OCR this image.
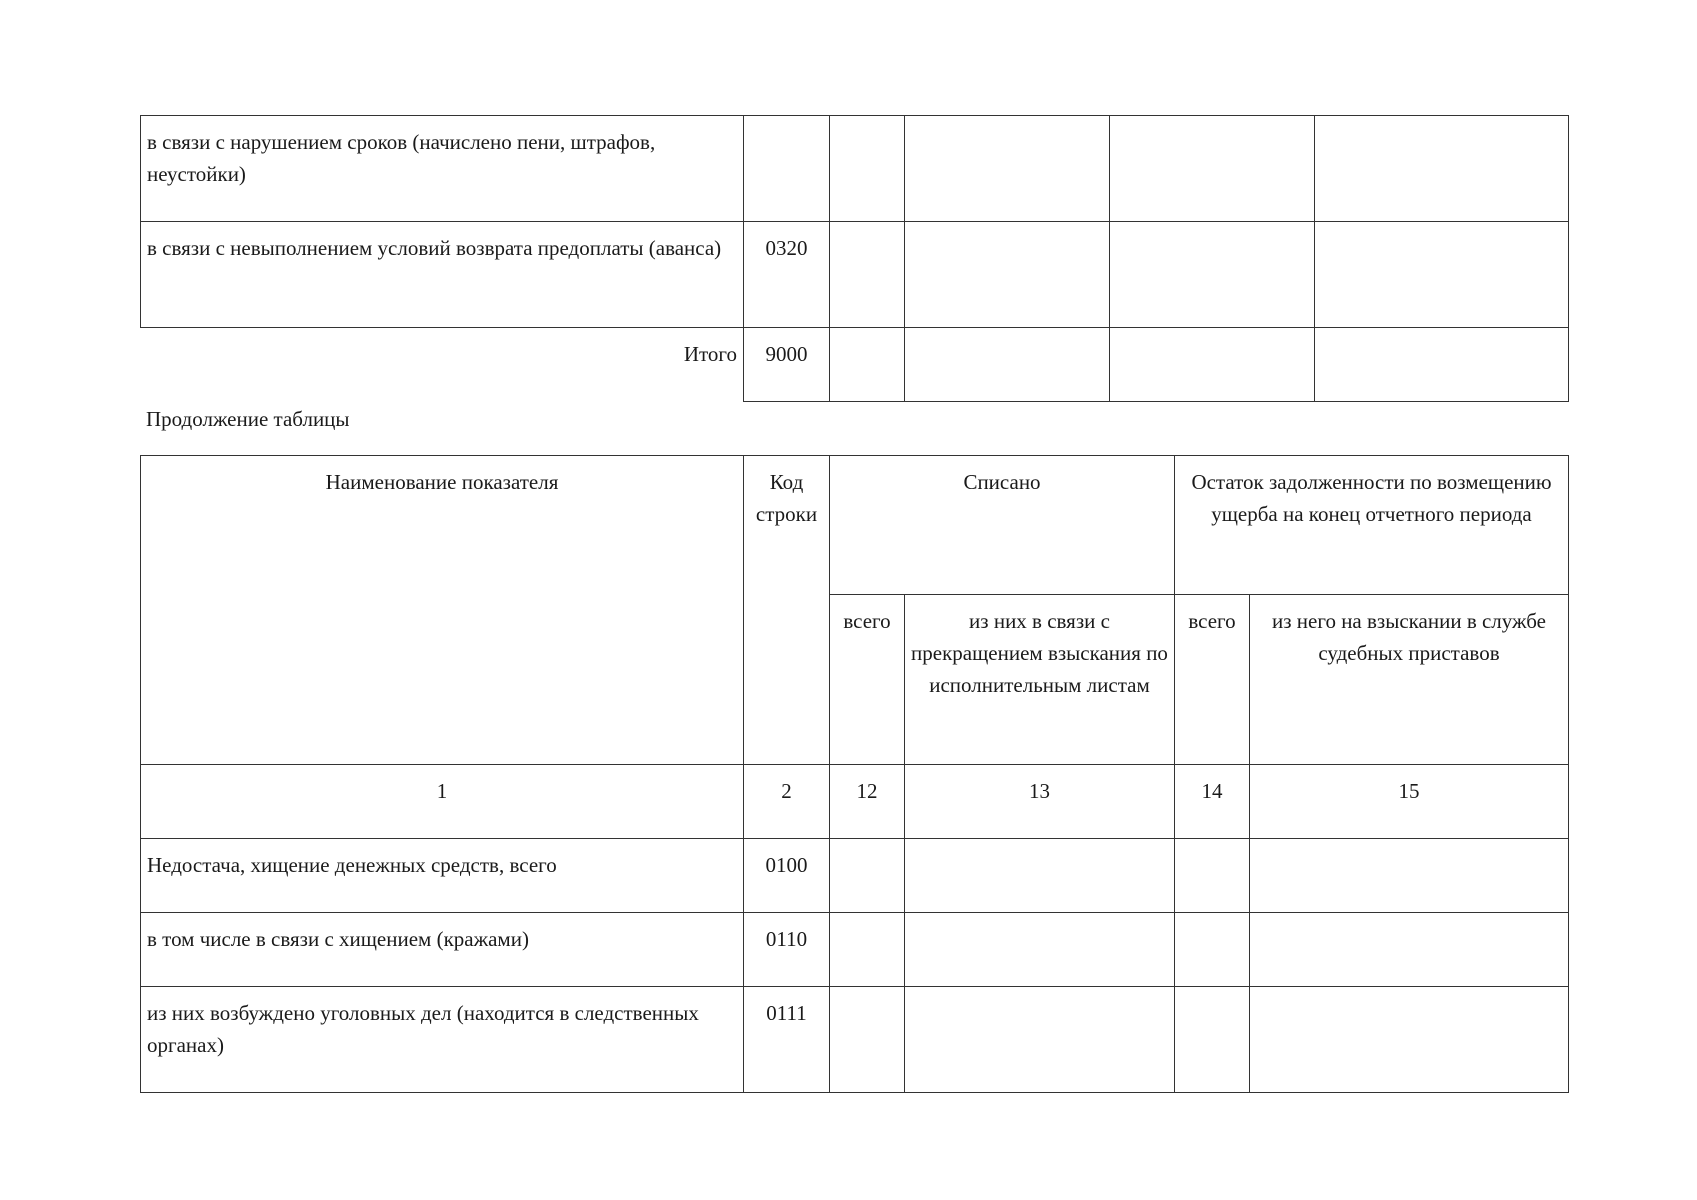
в связи с нарушением сроков (начислено пени, штрафов, неустойки)					
в связи с невыполнением условий возврата предоплаты (аванса)	0320				
Итого	9000				

Продолжение таблицы

Наименование показателя	Код строки	Списано		Остаток задолженности по возмещению ущерба на конец отчетного периода	
		всего	из них в связи с прекращением взыскания по исполнительным листам	всего	из него на взыскании в службе судебных приставов
1	2	12	13	14	15
Недостача, хищение денежных средств, всего	0100				
в том числе в связи с хищением (кражами)	0110				
из них возбуждено уголовных дел (находится в следственных органах)	0111				
